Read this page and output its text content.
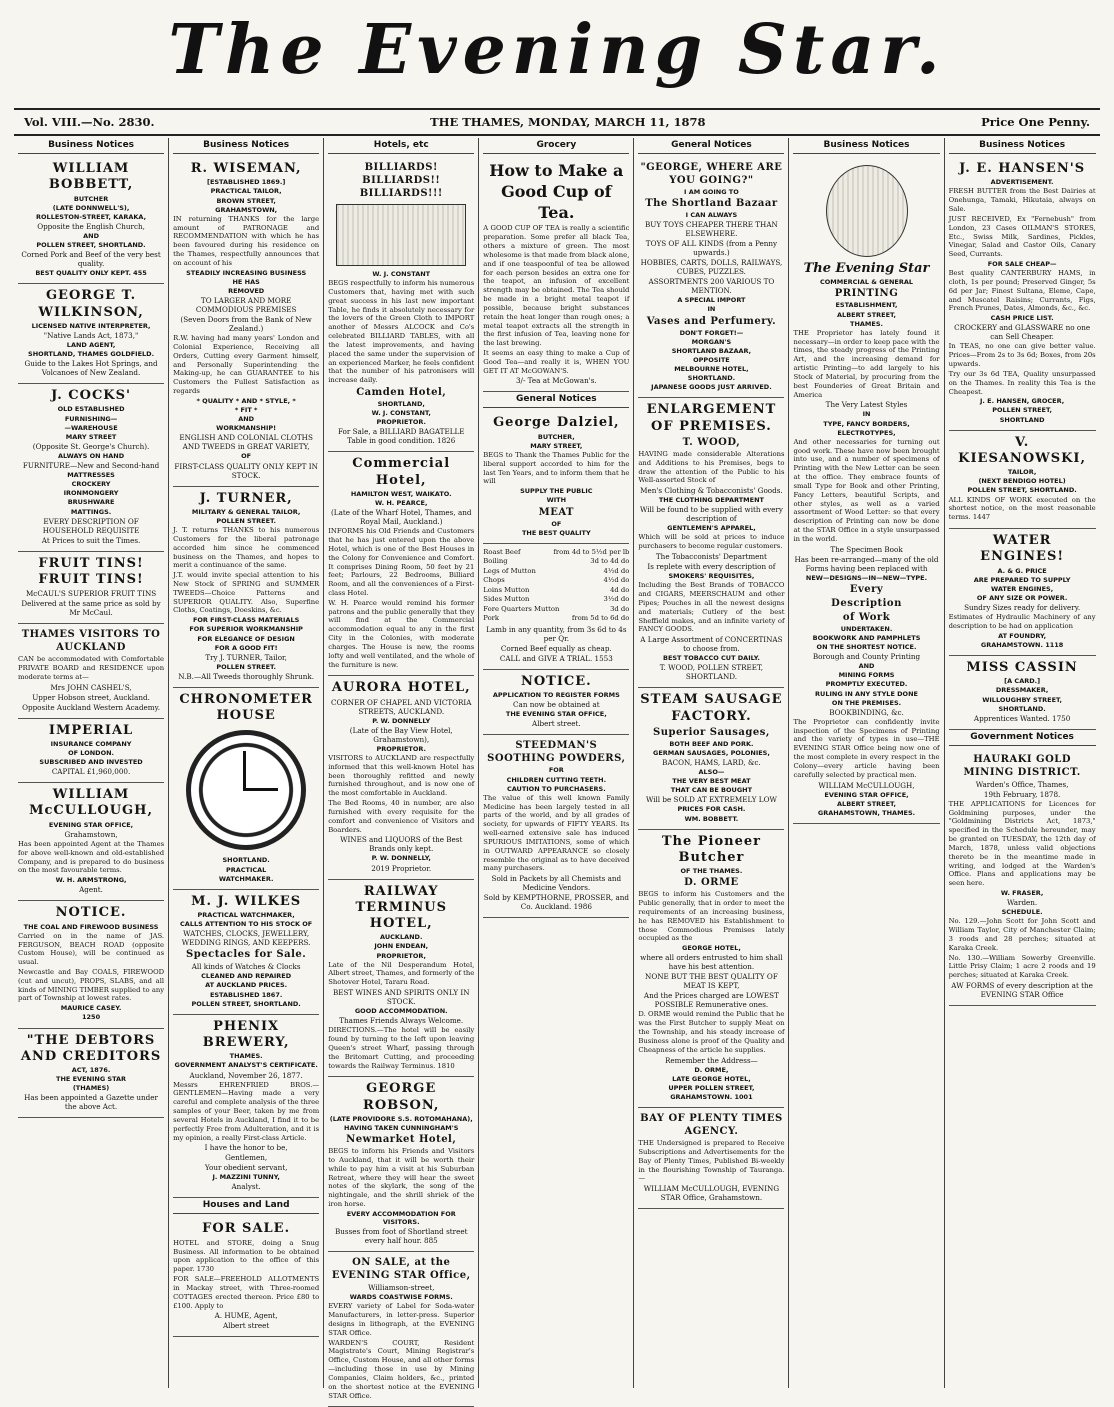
The Evening Star.
Vol. VIII.—No. 2830.	THE THAMES, MONDAY, MARCH 11, 1878	Price One Penny.
Business Notices
WILLIAM BOBBETT,

BUTCHER

(LATE DONNWELL'S),

ROLLESTON-STREET, KARAKA,

Opposite the English Church,

AND

POLLEN STREET, SHORTLAND.

Corned Pork and Beef of the very best quality.

BEST QUALITY ONLY KEPT. 455

GEORGE T. WILKINSON,

LICENSED NATIVE INTERPRETER,

"Native Lands Act, 1873,"

LAND AGENT,

SHORTLAND, THAMES GOLDFIELD.

Guide to the Lakes Hot Springs, and Volcanoes of New Zealand.

J. COCKS'

OLD ESTABLISHED

FURNISHING—

—WAREHOUSE

MARY STREET

(Opposite St. George's Church).

ALWAYS ON HAND

FURNITURE—New and Second-hand

MATTRESSES

CROCKERY

IRONMONGERY

BRUSHWARE

MATTINGS.

EVERY DESCRIPTION OF HOUSEHOLD REQUISITE

At Prices to suit the Times.

FRUIT TINS! FRUIT TINS!

McCAUL'S SUPERIOR FRUIT TINS

Delivered at the same price as sold by Mr McCaul.

THAMES VISITORS TO AUCKLAND

CAN be accommodated with Comfortable PRIVATE BOARD and RESIDENCE upon moderate terms at—

Mrs JOHN CASHEL'S,

Upper Hobson street, Auckland.

Opposite Auckland Western Academy.

IMPERIAL

INSURANCE COMPANY

OF LONDON.

SUBSCRIBED AND INVESTED

CAPITAL £1,960,000.

WILLIAM McCULLOUGH,

EVENING STAR OFFICE,

Grahamstown,

Has been appointed Agent at the Thames for above well-known and old-established Company, and is prepared to do business on the most favourable terms.

W. H. ARMSTRONG,

Agent.

NOTICE.

THE COAL AND FIREWOOD BUSINESS

Carried on in the name of JAS. FERGUSON, BEACH ROAD (opposite Custom House), will be continued as usual.

Newcastle and Bay COALS, FIREWOOD (cut and uncut), PROPS, SLABS, and all kinds of MINING TIMBER supplied to any part of Township at lowest rates.

MAURICE CASEY.

1250

"THE DEBTORS AND CREDITORS

ACT, 1876.

THE EVENING STAR

(THAMES)

Has been appointed a Gazette under the above Act.

Business Notices
R. WISEMAN,

[ESTABLISHED 1869.]

PRACTICAL TAILOR,

BROWN STREET,

GRAHAMSTOWN,

IN returning THANKS for the large amount of PATRONAGE and RECOMMENDATION with which he has been favoured during his residence on the Thames, respectfully announces that on account of his

STEADILY INCREASING BUSINESS

HE HAS

REMOVED

TO LARGER AND MORE COMMODIOUS PREMISES

(Seven Doors from the Bank of New Zealand.)

R.W. having had many years' London and Colonial Experience, Receiving all Orders, Cutting every Garment himself, and Personally Superintending the Making-up, he can GUARANTEE to his Customers the Fullest Satisfaction as regards

* QUALITY * AND * STYLE, *

* FIT *

AND

WORKMANSHIP!

ENGLISH AND COLONIAL CLOTHS AND TWEEDS in GREAT VARIETY,

OF

FIRST-CLASS QUALITY ONLY KEPT IN STOCK.

J. TURNER,

MILITARY & GENERAL TAILOR,

POLLEN STREET.

J. T. returns THANKS to his numerous Customers for the liberal patronage accorded him since he commenced business on the Thames, and hopes to merit a continuance of the same.

J.T. would invite special attention to his New Stock of SPRING and SUMMER TWEEDS—Choice Patterns and SUPERIOR QUALITY. Also, Superfine Cloths, Coatings, Doeskins, &c.

FOR FIRST-CLASS MATERIALS

FOR SUPERIOR WORKMANSHIP

FOR ELEGANCE OF DESIGN

FOR A GOOD FIT!

Try J. TURNER, Tailor,

POLLEN STREET.

N.B.—All Tweeds thoroughly Shrunk.

CHRONOMETER HOUSE

SHORTLAND.

PRACTICAL

WATCHMAKER.

M. J. WILKES

PRACTICAL WATCHMAKER,

CALLS ATTENTION TO HIS STOCK OF

WATCHES, CLOCKS, JEWELLERY, WEDDING RINGS, AND KEEPERS.

Spectacles for Sale.

All kinds of Watches & Clocks

CLEANED AND REPAIRED

AT AUCKLAND PRICES.

ESTABLISHED 1867.

POLLEN STREET, SHORTLAND.

PHENIX BREWERY,

THAMES.

GOVERNMENT ANALYST'S CERTIFICATE.

Auckland, November 26, 1877.

Messrs EHRENFRIED BROS.—GENTLEMEN—Having made a very careful and complete analysis of the three samples of your Beer, taken by me from several Hotels in Auckland, I find it to be perfectly Free from Adulteration, and it is my opinion, a really First-class Article.

I have the honor to be,

Gentlemen,

Your obedient servant,

J. MAZZINI TUNNY,

Analyst.

Houses and Land
FOR SALE.

HOTEL and STORE, doing a Snug Business. All information to be obtained upon application to the office of this paper. 1730

FOR SALE—FREEHOLD ALLOTMENTS in Mackay street, with Three-roomed COTTAGES erected thereon. Price £80 to £100. Apply to

A. HUME, Agent,

Albert street

Hotels, etc
BILLIARDS! BILLIARDS!! BILLIARDS!!!

W. J. CONSTANT

BEGS respectfully to inform his numerous Customers that, having met with such great success in his last new important Table, he finds it absolutely necessary for the lovers of the Green Cloth to IMPORT another of Messrs ALCOCK and Co's celebrated BILLIARD TABLES, with all the latest improvements, and having placed the same under the supervision of an experienced Marker, he feels confident that the number of his patronisers will increase daily.

Camden Hotel,

SHORTLAND,

W. J. CONSTANT,

PROPRIETOR.

For Sale, a BILLIARD BAGATELLE Table in good condition. 1826

Commercial Hotel,

HAMILTON WEST, WAIKATO.

W. H. PEARCE,

(Late of the Wharf Hotel, Thames, and Royal Mail, Auckland.)

INFORMS his Old Friends and Customers that he has just entered upon the above Hotel, which is one of the Best Houses in the Colony for Convenience and Comfort. It comprises Dining Room, 50 feet by 21 feet; Parlours, 22 Bedrooms, Billiard Room, and all the conveniences of a First-class Hotel.

W. H. Pearce would remind his former patrons and the public generally that they will find at the Commercial accommodation equal to any in the first City in the Colonies, with moderate charges. The House is new, the rooms lofty and well ventilated, and the whole of the furniture is new.

AURORA HOTEL,

CORNER OF CHAPEL AND VICTORIA STREETS, AUCKLAND.

P. W. DONNELLY

(Late of the Bay View Hotel, Grahamstown),

PROPRIETOR.

VISITORS to AUCKLAND are respectfully informed that this well-known Hotel has been thoroughly refitted and newly furnished throughout, and is now one of the most comfortable in Auckland.

The Bed Rooms, 40 in number, are also furnished with every requisite for the comfort and convenience of Visitors and Boarders.

WINES and LIQUORS of the Best Brands only kept.

P. W. DONNELLY,

2019 Proprietor.

RAILWAY TERMINUS HOTEL,

AUCKLAND.

JOHN ENDEAN,

PROPRIETOR,

Late of the Nil Desperandum Hotel, Albert street, Thames, and formerly of the Shotover Hotel, Tararu Road.

BEST WINES AND SPIRITS ONLY IN STOCK.

GOOD ACCOMMODATION.

Thames Friends Always Welcome.

DIRECTIONS.—The hotel will be easily found by turning to the left upon leaving Queen's street Wharf, passing through the Britomart Cutting, and proceeding towards the Railway Terminus. 1810

GEORGE ROBSON,

(LATE PROVIDORE S.S. ROTOMAHANA),

HAVING TAKEN CUNNINGHAM'S

Newmarket Hotel,

BEGS to inform his Friends and Visitors to Auckland, that it will be worth their while to pay him a visit at his Suburban Retreat, where they will hear the sweet notes of the skylark, the song of the nightingale, and the shrill shriek of the iron horse.

EVERY ACCOMMODATION FOR VISITORS.

Busses from foot of Shortland street every half hour. 885

ON SALE, at the EVENING STAR Office,

Williamson-street,

WARDS COASTWISE FORMS.

EVERY variety of Label for Soda-water Manufacturers, in letter-press. Superior designs in lithograph, at the EVENING STAR Office.

WARDEN'S COURT, Resident Magistrate's Court, Mining Registrar's Office, Custom House, and all other forms—including those in use by Mining Companies, Claim holders, &c., printed on the shortest notice at the EVENING STAR Office.

Grocery
How to Make a Good Cup of Tea.

A GOOD CUP OF TEA is really a scientific preparation. Some prefer all black Tea, others a mixture of green. The most wholesome is that made from black alone, and if one teaspoonful of tea be allowed for each person besides an extra one for the teapot, an infusion of excellent strength may be obtained. The Tea should be made in a bright metal teapot if possible, because bright substances retain the heat longer than rough ones; a metal teapot extracts all the strength in the first infusion of Tea, leaving none for the last brewing.

It seems an easy thing to make a Cup of Good Tea—and really it is, WHEN YOU GET IT AT McGOWAN'S.

3/- Tea at McGowan's.

General Notices
George Dalziel,

BUTCHER,

MARY STREET,

BEGS to Thank the Thames Public for the liberal support accorded to him for the last Ten Years, and to inform them that he will

SUPPLY THE PUBLIC

WITH

MEAT

OF

THE BEST QUALITY

Roast Beef	from 4d to 5½d per lb
Boiling	3d to 4d do
Legs of Mutton	4½d do
Chops	4½d do
Loins Mutton	4d do
Sides Mutton	3½d do
Fore Quarters Mutton	3d do
Pork	from 5d to 6d do

Lamb in any quantity, from 3s 6d to 4s per Qr.

Corned Beef equally as cheap.

CALL and GIVE A TRIAL. 1553

NOTICE.

APPLICATION TO REGISTER FORMS

Can now be obtained at

THE EVENING STAR OFFICE,

Albert street.

STEEDMAN'S SOOTHING POWDERS,

FOR

CHILDREN CUTTING TEETH.

CAUTION TO PURCHASERS.

The value of this well known Family Medicine has been largely tested in all parts of the world, and by all grades of society, for upwards of FIFTY YEARS. Its well-earned extensive sale has induced SPURIOUS IMITATIONS, some of which in OUTWARD APPEARANCE so closely resemble the original as to have deceived many purchasers.

Sold in Packets by all Chemists and Medicine Vendors.

Sold by KEMPTHORNE, PROSSER, and Co. Auckland. 1986

General Notices
"GEORGE, WHERE ARE YOU GOING?"

I AM GOING TO

The Shortland Bazaar

I CAN ALWAYS

BUY TOYS CHEAPER THERE THAN ELSEWHERE.

TOYS OF ALL KINDS (from a Penny upwards.)

HOBBIES, CARTS, DOLLS, RAILWAYS, CUBES, PUZZLES.

ASSORTMENTS 200 VARIOUS TO MENTION.

A SPECIAL IMPORT

IN

Vases and Perfumery.

DON'T FORGET!—

MORGAN'S

SHORTLAND BAZAAR,

OPPOSITE

MELBOURNE HOTEL,

SHORTLAND.

JAPANESE GOODS JUST ARRIVED.

ENLARGEMENT OF PREMISES.

T. WOOD,

HAVING made considerable Alterations and Additions to his Premises, begs to draw the attention of the Public to his Well-assorted Stock of

Men's Clothing & Tobacconists' Goods.

THE CLOTHING DEPARTMENT

Will be found to be supplied with every description of

GENTLEMEN'S APPAREL,

Which will be sold at prices to induce purchasers to become regular customers.

The Tobacconists' Department

Is replete with every description of

SMOKERS' REQUISITES,

Including the Best Brands of TOBACCO and CIGARS, MEERSCHAUM and other Pipes; Pouches in all the newest designs and materials; Cutlery of the best Sheffield makes, and an infinite variety of FANCY GOODS.

A Large Assortment of CONCERTINAS to choose from.

BEST TOBACCO CUT DAILY.

T. WOOD, POLLEN STREET, SHORTLAND.

STEAM SAUSAGE FACTORY.

Superior Sausages,

BOTH BEEF AND PORK.

GERMAN SAUSAGES, POLONIES,

BACON, HAMS, LARD, &c.

ALSO—

THE VERY BEST MEAT

THAT CAN BE BOUGHT

Will be SOLD AT EXTREMELY LOW

PRICES FOR CASH.

WM. BOBBETT.

The Pioneer Butcher

OF THE THAMES.

D. ORME

BEGS to inform his Customers and the Public generally, that in order to meet the requirements of an increasing business, he has REMOVED his Establishment to those Commodious Premises lately occupied as the

GEORGE HOTEL,

where all orders entrusted to him shall have his best attention.

NONE BUT THE BEST QUALITY OF MEAT IS KEPT,

And the Prices charged are LOWEST POSSIBLE Remunerative ones.

D. ORME would remind the Public that he was the First Butcher to supply Meat on the Township, and his steady increase of Business alone is proof of the Quality and Cheapness of the article he supplies.

Remember the Address—

D. ORME,

LATE GEORGE HOTEL,

UPPER POLLEN STREET,

GRAHAMSTOWN. 1001

BAY OF PLENTY TIMES AGENCY.

THE Undersigned is prepared to Receive Subscriptions and Advertisements for the Bay of Plenty Times, Published Bi-weekly in the flourishing Township of Tauranga.—

WILLIAM McCULLOUGH, EVENING STAR Office, Grahamstown.

Business Notices
The Evening Star

COMMERCIAL & GENERAL

PRINTING

ESTABLISHMENT,

ALBERT STREET,

THAMES.

THE Proprietor has lately found it necessary—in order to keep pace with the times, the steady progress of the Printing Art, and the increasing demand for artistic Printing—to add largely to his Stock of Material, by procuring from the best Founderies of Great Britain and America

The Very Latest Styles

IN

TYPE, FANCY BORDERS,

ELECTROTYPES,

And other necessaries for turning out good work. These have now been brought into use, and a number of specimens of Printing with the New Letter can be seen at the office. They embrace founts of small Type for Book and other Printing, Fancy Letters, beautiful Scripts, and other styles, as well as a varied assortment of Wood Letter: so that every description of Printing can now be done at the STAR Office in a style unsurpassed in the world.

The Specimen Book

Has been re-arranged—many of the old Forms having been replaced with

NEW—DESIGNS—IN—NEW—TYPE.

Every

Description

of Work

UNDERTAKEN.

BOOKWORK AND PAMPHLETS

ON THE SHORTEST NOTICE.

Borough and County Printing

AND

MINING FORMS

PROMPTLY EXECUTED.

RULING IN ANY STYLE DONE

ON THE PREMISES.

BOOKBINDING, &c.

The Proprietor can confidently invite inspection of the Specimens of Printing and the variety of types in use—THE EVENING STAR Office being now one of the most complete in every respect in the Colony—every article having been carefully selected by practical men.

WILLIAM McCULLOUGH,

EVENING STAR OFFICE,

ALBERT STREET,

GRAHAMSTOWN, THAMES.

Business Notices
J. E. HANSEN'S

ADVERTISEMENT.

FRESH BUTTER from the Best Dairies at Onehunga, Tamaki, Hikutaia, always on Sale.

JUST RECEIVED, Ex "Fernebush" from London, 23 Cases OILMAN'S STORES, Etc., Swiss Milk, Sardines, Pickles, Vinegar, Salad and Castor Oils, Canary Seed, Currants.

FOR SALE CHEAP—

Best quality CANTERBURY HAMS, in cloth, 1s per pound; Preserved Ginger, 5s 6d per Jar; Finest Sultana, Eleme, Cape, and Muscatel Raisins; Currants, Figs, French Prunes, Dates, Almonds, &c., &c.

CASH PRICE LIST.

CROCKERY and GLASSWARE no one can Sell Cheaper.

In TEAS, no one can give better value. Prices—From 2s to 3s 6d; Boxes, from 20s upwards.

Try our 3s 6d TEA, Quality unsurpassed on the Thames. In reality this Tea is the Cheapest.

J. E. HANSEN, GROCER,

POLLEN STREET,

SHORTLAND

V. KIESANOWSKI,

TAILOR,

(NEXT BENDIGO HOTEL)

POLLEN STREET, SHORTLAND.

ALL KINDS OF WORK executed on the shortest notice, on the most reasonable terms. 1447

WATER ENGINES!

A. & G. PRICE

ARE PREPARED TO SUPPLY

WATER ENGINES,

OF ANY SIZE OR POWER.

Sundry Sizes ready for delivery.

Estimates of Hydraulic Machinery of any description to be had on application

AT FOUNDRY,

GRAHAMSTOWN. 1118

MISS CASSIN

[A CARD.]

DRESSMAKER,

WILLOUGHBY STREET,

SHORTLAND.

Apprentices Wanted. 1750

Government Notices
HAURAKI GOLD MINING DISTRICT.

Warden's Office, Thames,

19th February, 1878.

THE APPLICATIONS for Licences for Goldmining purposes, under the "Goldmining Districts Act, 1873," specified in the Schedule hereunder, may be granted on TUESDAY, the 12th day of March, 1878, unless valid objections thereto be in the meantime made in writing, and lodged at the Warden's Office. Plans and applications may be seen here.

W. FRASER,

Warden.

SCHEDULE.

No. 129.—John Scott for John Scott and William Taylor, City of Manchester Claim; 3 roods and 28 perches; situated at Karaka Creek.

No. 130.—William Sowerby Greenville. Little Prisy Claim; 1 acre 2 roods and 19 perches; situated at Karaka Creek.

AW FORMS of every description at the EVENING STAR Office
